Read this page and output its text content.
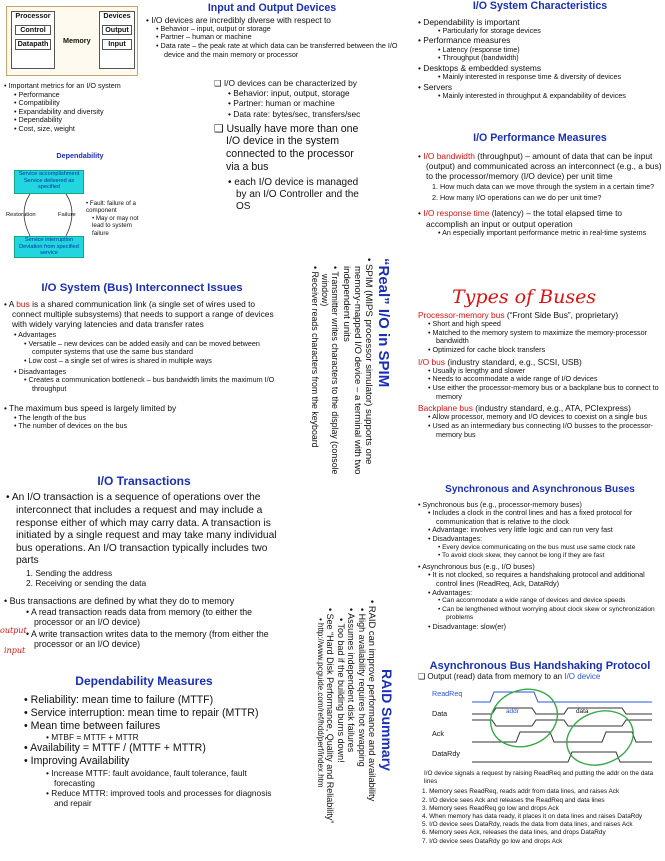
Processor
Control
Datapath	Memory
Devices
Output
Input
• Important metrics for an I/O system
• Performance
• Compatibility
• Expandability and diversity
• Dependability
• Cost, size, weight
Dependability
Service accomplishment Service delivered as specified
Service interruption Deviation from specified service
Restoration	Failure
• Fault: failure of a component
• May or may not lead to system failure
Input and Output Devices
• I/O devices are incredibly diverse with respect to
• Behavior – input, output or storage
• Partner – human or machine
• Data rate – the peak rate at which data can be transferred between the I/O device and the main memory or processor
❑ I/O devices can be characterized by
• Behavior: input, output, storage
• Partner: human or machine
• Data rate: bytes/sec, transfers/sec
❑ Usually have more than one I/O device in the system connected to the processor via a bus
• each I/O device is managed by an I/O Controller and the OS
I/O System Characteristics
• Dependability is important
• Particularly for storage devices
• Performance measures
• Latency (response time)
• Throughput (bandwidth)
• Desktops & embedded systems
• Mainly interested in response time & diversity of devices
• Servers
• Mainly interested in throughput & expandability of devices
I/O Performance Measures
• I/O bandwidth (throughput) – amount of data that can be input (output) and communicated across an interconnect (e.g., a bus) to the processor/memory (I/O device) per unit time
1. How much data can we move through the system in a certain time?
2. How many I/O operations can we do per unit time?
• I/O response time (latency) – the total elapsed time to accomplish an input or output operation
• An especially important performance metric in real-time systems
Types of Buses
Processor-memory bus (“Front Side Bus”, proprietary)
• Short and high speed
• Matched to the memory system to maximize the memory-processor bandwidth
• Optimized for cache block transfers
I/O bus (industry standard, e.g., SCSI, USB)
• Usually is lengthy and slower
• Needs to accommodate a wide range of I/O devices
• Use either the processor-memory bus or a backplane bus to connect to memory
Backplane bus (industry standard, e.g., ATA, PCIexpress)
• Allow processor, memory and I/O devices to coexist on a single bus
• Used as an intermediary bus connecting I/O busses to the processor-memory bus
Synchronous and Asynchronous Buses
• Synchronous bus (e.g., processor-memory buses)
• Includes a clock in the control lines and has a fixed protocol for communication that is relative to the clock
• Advantage: involves very little logic and can run very fast
• Disadvantages:
• Every device communicating on the bus must use same clock rate
• To avoid clock skew, they cannot be long if they are fast
• Asynchronous bus (e.g., I/O buses)
• It is not clocked, so requires a handshaking protocol and additional control lines (ReadReq, Ack, DataRdy)
• Advantages:
• Can accommodate a wide range of devices and device speeds
• Can be lengthened without worrying about clock skew or synchronization problems
• Disadvantage: slow(er)
Asynchronous Bus Handshaking Protocol
❑ Output (read) data from memory to an I/O device
ReadReq
Data
Ack
DataRdy
addr	data
I/O device signals a request by raising ReadReq and putting the addr on the data lines
1. Memory sees ReadReq, reads addr from data lines, and raises Ack
2. I/O device sees Ack and releases the ReadReq and data lines
3. Memory sees ReadReq go low and drops Ack
4. When memory has data ready, it places it on data lines and raises DataRdy
5. I/O device sees DataRdy, reads the data from data lines, and raises Ack
6. Memory sees Ack, releases the data lines, and drops DataRdy
7. I/O device sees DataRdy go low and drops Ack
I/O System (Bus) Interconnect Issues
• A bus is a shared communication link (a single set of wires used to connect multiple subsystems) that needs to support a range of devices with widely varying latencies and data transfer rates
• Advantages
• Versatile – new devices can be added easily and can be moved between computer systems that use the same bus standard
• Low cost – a single set of wires is shared in multiple ways
• Disadvantages
• Creates a communication bottleneck – bus bandwidth limits the maximum I/O throughput
• The maximum bus speed is largely limited by
• The length of the bus
• The number of devices on the bus
“Real” I/O in SPIM
• SPIM (MIPS processor simulator) supports one memory-mapped I/O device – a terminal with two independent units
• Transmitter writes characters to the display (console window)
• Receiver reads characters from the keyboard
I/O Transactions
• An I/O transaction is a sequence of operations over the interconnect that includes a request and may include a response either of which may carry data. A transaction is initiated by a single request and may take many individual bus operations. An I/O transaction typically includes two parts
1. Sending the address
2. Receiving or sending the data
• Bus transactions are defined by what they do to memory
• A read transaction reads data from memory (to either the processor or an I/O device)
• A write transaction writes data to the memory (from either the processor or an I/O device)
output
input
Dependability Measures
• Reliability: mean time to failure (MTTF)
• Service interruption: mean time to repair (MTTR)
• Mean time between failures
• MTBF = MTTF + MTTR
• Availability = MTTF / (MTTF + MTTR)
• Improving Availability
• Increase MTTF: fault avoidance, fault tolerance, fault forecasting
• Reduce MTTR: improved tools and processes for diagnosis and repair
RAID Summary
• RAID can improve performance and availability
• High availability requires hot swapping
• Assumes independent disk failures
• Too bad if the building burns down!
• See “Hard Disk Performance, Quality and Reliability”
• http://www.pcguide.com/ref/hdd/perf/index.htm
